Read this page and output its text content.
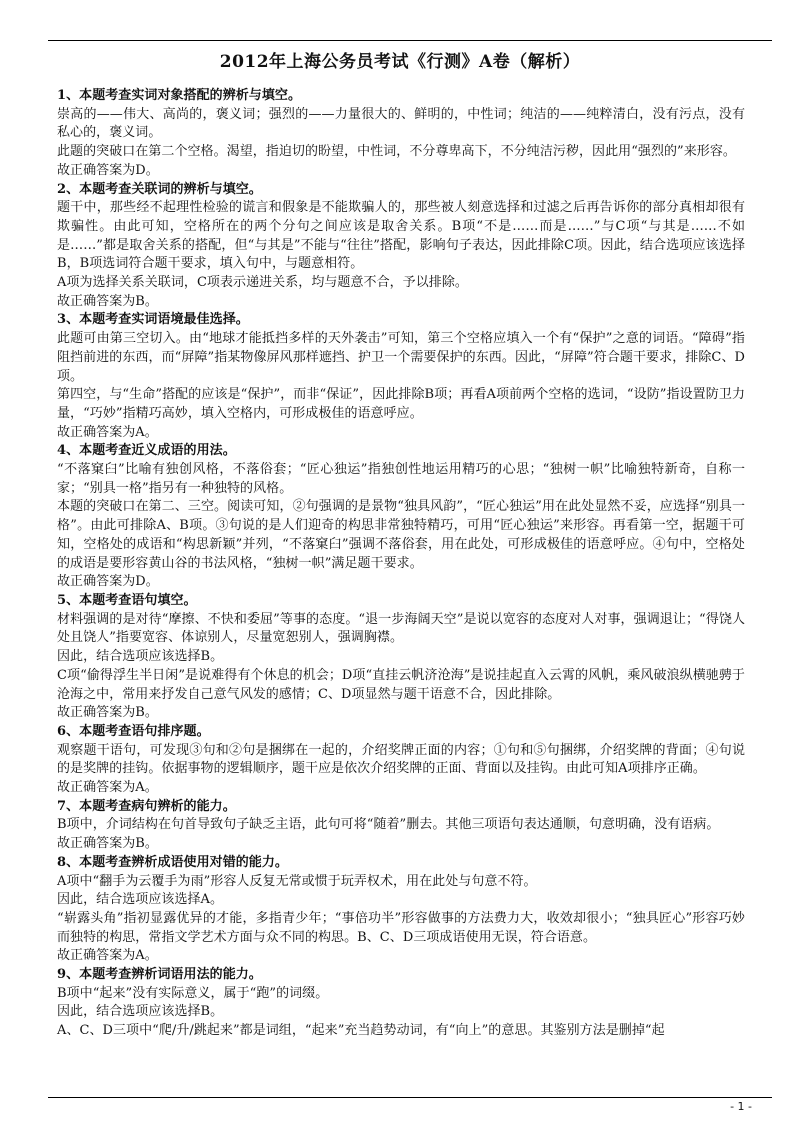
2012年上海公务员考试《行测》A卷（解析）

1、本题考查实词对象搭配的辨析与填空。

崇高的——伟大、高尚的，褒义词；强烈的——力量很大的、鲜明的，中性词；纯洁的——纯粹清白，没有污点，没有私心的，褒义词。

此题的突破口在第二个空格。渴望，指迫切的盼望，中性词，不分尊卑高下，不分纯洁污秽，因此用“强烈的”来形容。

故正确答案为D。

2、本题考查关联词的辨析与填空。

题干中，那些经不起理性检验的谎言和假象是不能欺骗人的，那些被人刻意选择和过滤之后再告诉你的部分真相却很有欺骗性。由此可知，空格所在的两个分句之间应该是取舍关系。B项“不是……而是……”与C项“与其是……不如是……”都是取舍关系的搭配，但“与其是”不能与“往往”搭配，影响句子表达，因此排除C项。因此，结合选项应该选择B，B项选词符合题干要求，填入句中，与题意相符。

A项为选择关系关联词，C项表示递进关系，均与题意不合，予以排除。

故正确答案为B。

3、本题考查实词语境最佳选择。

此题可由第三空切入。由“地球才能抵挡多样的天外袭击”可知，第三个空格应填入一个有“保护”之意的词语。“障碍”指阻挡前进的东西，而“屏障”指某物像屏风那样遮挡、护卫一个需要保护的东西。因此，“屏障”符合题干要求，排除C、D项。

第四空，与“生命”搭配的应该是“保护”，而非“保证”，因此排除B项；再看A项前两个空格的选词，“设防”指设置防卫力量，“巧妙”指精巧高妙，填入空格内，可形成极佳的语意呼应。

故正确答案为A。

4、本题考查近义成语的用法。

“不落窠臼”比喻有独创风格，不落俗套；“匠心独运”指独创性地运用精巧的心思；“独树一帜”比喻独特新奇，自称一家；“别具一格”指另有一种独特的风格。

本题的突破口在第二、三空。阅读可知，②句强调的是景物“独具风韵”，“匠心独运”用在此处显然不妥，应选择“别具一格”。由此可排除A、B项。③句说的是人们迎奇的构思非常独特精巧，可用“匠心独运”来形容。再看第一空，据题干可知，空格处的成语和“构思新颖”并列，“不落窠臼”强调不落俗套，用在此处，可形成极佳的语意呼应。④句中，空格处的成语是要形容黄山谷的书法风格，“独树一帜”满足题干要求。

故正确答案为D。

5、本题考查语句填空。

材料强调的是对待“摩擦、不快和委屈”等事的态度。“退一步海阔天空”是说以宽容的态度对人对事，强调退让；“得饶人处且饶人”指要宽容、体谅别人，尽量宽恕别人，强调胸襟。

因此，结合选项应该选择B。

C项“偷得浮生半日闲”是说难得有个休息的机会；D项“直挂云帆济沧海”是说挂起直入云霄的风帆，乘风破浪纵横驰骋于沧海之中，常用来抒发自己意气风发的感情；C、D项显然与题干语意不合，因此排除。

故正确答案为B。

6、本题考查语句排序题。

观察题干语句，可发现③句和②句是捆绑在一起的，介绍奖牌正面的内容；①句和⑤句捆绑，介绍奖牌的背面；④句说的是奖牌的挂钩。依据事物的逻辑顺序，题干应是依次介绍奖牌的正面、背面以及挂钩。由此可知A项排序正确。

故正确答案为A。

7、本题考查病句辨析的能力。

B项中，介词结构在句首导致句子缺乏主语，此句可将“随着”删去。其他三项语句表达通顺，句意明确，没有语病。

故正确答案为B。

8、本题考查辨析成语使用对错的能力。

A项中“翻手为云覆手为雨”形容人反复无常或惯于玩弄权术，用在此处与句意不符。

因此，结合选项应该选择A。

“崭露头角”指初显露优异的才能，多指青少年；“事倍功半”形容做事的方法费力大，收效却很小；“独具匠心”形容巧妙而独特的构思，常指文学艺术方面与众不同的构思。B、C、D三项成语使用无误，符合语意。

故正确答案为A。

9、本题考查辨析词语用法的能力。

B项中“起来”没有实际意义，属于“跑”的词缀。

因此，结合选项应该选择B。

A、C、D三项中“爬/升/跳起来”都是词组，“起来”充当趋势动词，有“向上”的意思。其鉴别方法是删掉“起

- 1 -
